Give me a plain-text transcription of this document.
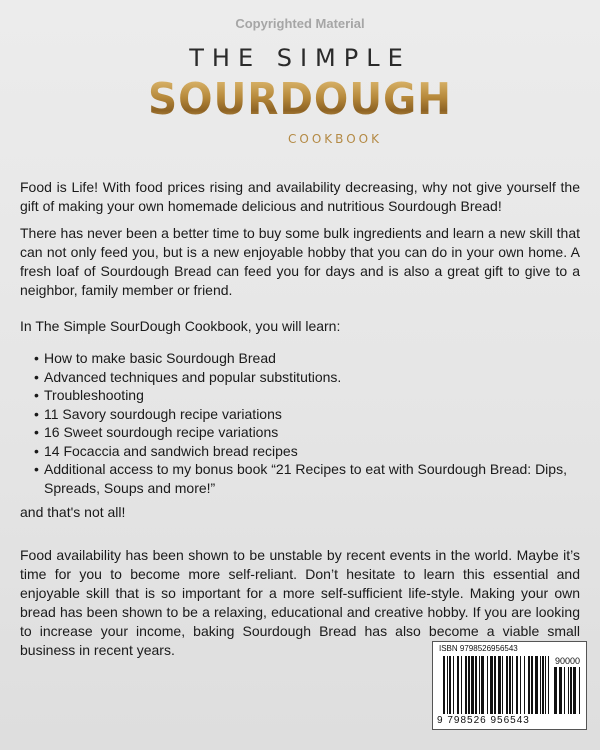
Copyrighted Material
THE SIMPLE
SOURDOUGH
COOKBOOK
Food is Life! With food prices rising and availability decreasing, why not give yourself the gift of making your own homemade delicious and nutritious Sourdough Bread!
There has never been a better time to buy some bulk ingredients and learn a new skill that can not only feed you, but is a new enjoyable hobby that you can do in your own home. A fresh loaf of Sourdough Bread can feed you for days and is also a great gift to give to a neighbor, family member or friend.
In The Simple SourDough Cookbook, you will learn:
• How to make basic Sourdough Bread
• Advanced techniques and popular substitutions.
• Troubleshooting
• 11 Savory sourdough recipe variations
• 16 Sweet sourdough recipe variations
• 14 Focaccia and sandwich bread recipes
• Additional access to my bonus book “21 Recipes to eat with Sourdough Bread: Dips, Spreads, Soups and more!”
and that's not all!
Food availability has been shown to be unstable by recent events in the world. Maybe it’s time for you to become more self-reliant. Don’t hesitate to learn this essential and enjoyable skill that is so important for a more self-sufficient life-style. Making your own bread has been shown to be a relaxing, educational and creative hobby. If you are looking to increase your income, baking Sourdough Bread has also become a viable small business in recent years.	ISBN 9798526956543
90000
9 798526 956543
